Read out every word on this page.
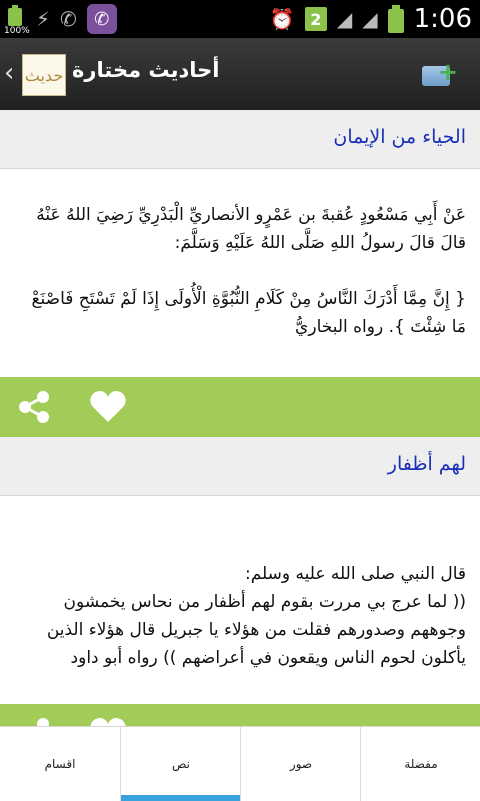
100% ⚡ ✆ ✆	⏰ 2 ◢ ◢ 1:06
‹ حديث أحاديث مختارة	+
الحياء من الإيمان

عَنْ أَبِي مَسْعُودٍ عُقبةَ بن عَمْرٍو الأنصاريِّ الْبَدْرِيِّ رَضِيَ اللهُ عَنْهُ قالَ قالَ رسولُ اللهِ صَلَّى اللهُ عَلَيْهِ وَسَلَّمَ:

{ إِنَّ مِمَّا أَدْرَكَ النَّاسُ مِنْ كَلَامِ النُّبُوَّةِ الْأُولَى إِذَا لَمْ تَسْتَحِ فَاصْنَعْ مَا شِئْتَ }. رواه البخاريُّ

لهم أظفار

قال النبي صلى الله عليه وسلم:
(( لما عرج بي مررت بقوم لهم أظفار من نحاس يخمشون وجوههم وصدورهم فقلت من هؤلاء يا جبريل قال هؤلاء الذين يأكلون لحوم الناس ويقعون في أعراضهم )) رواه أبو داود

اقسام	نص	صور	مفضلة
